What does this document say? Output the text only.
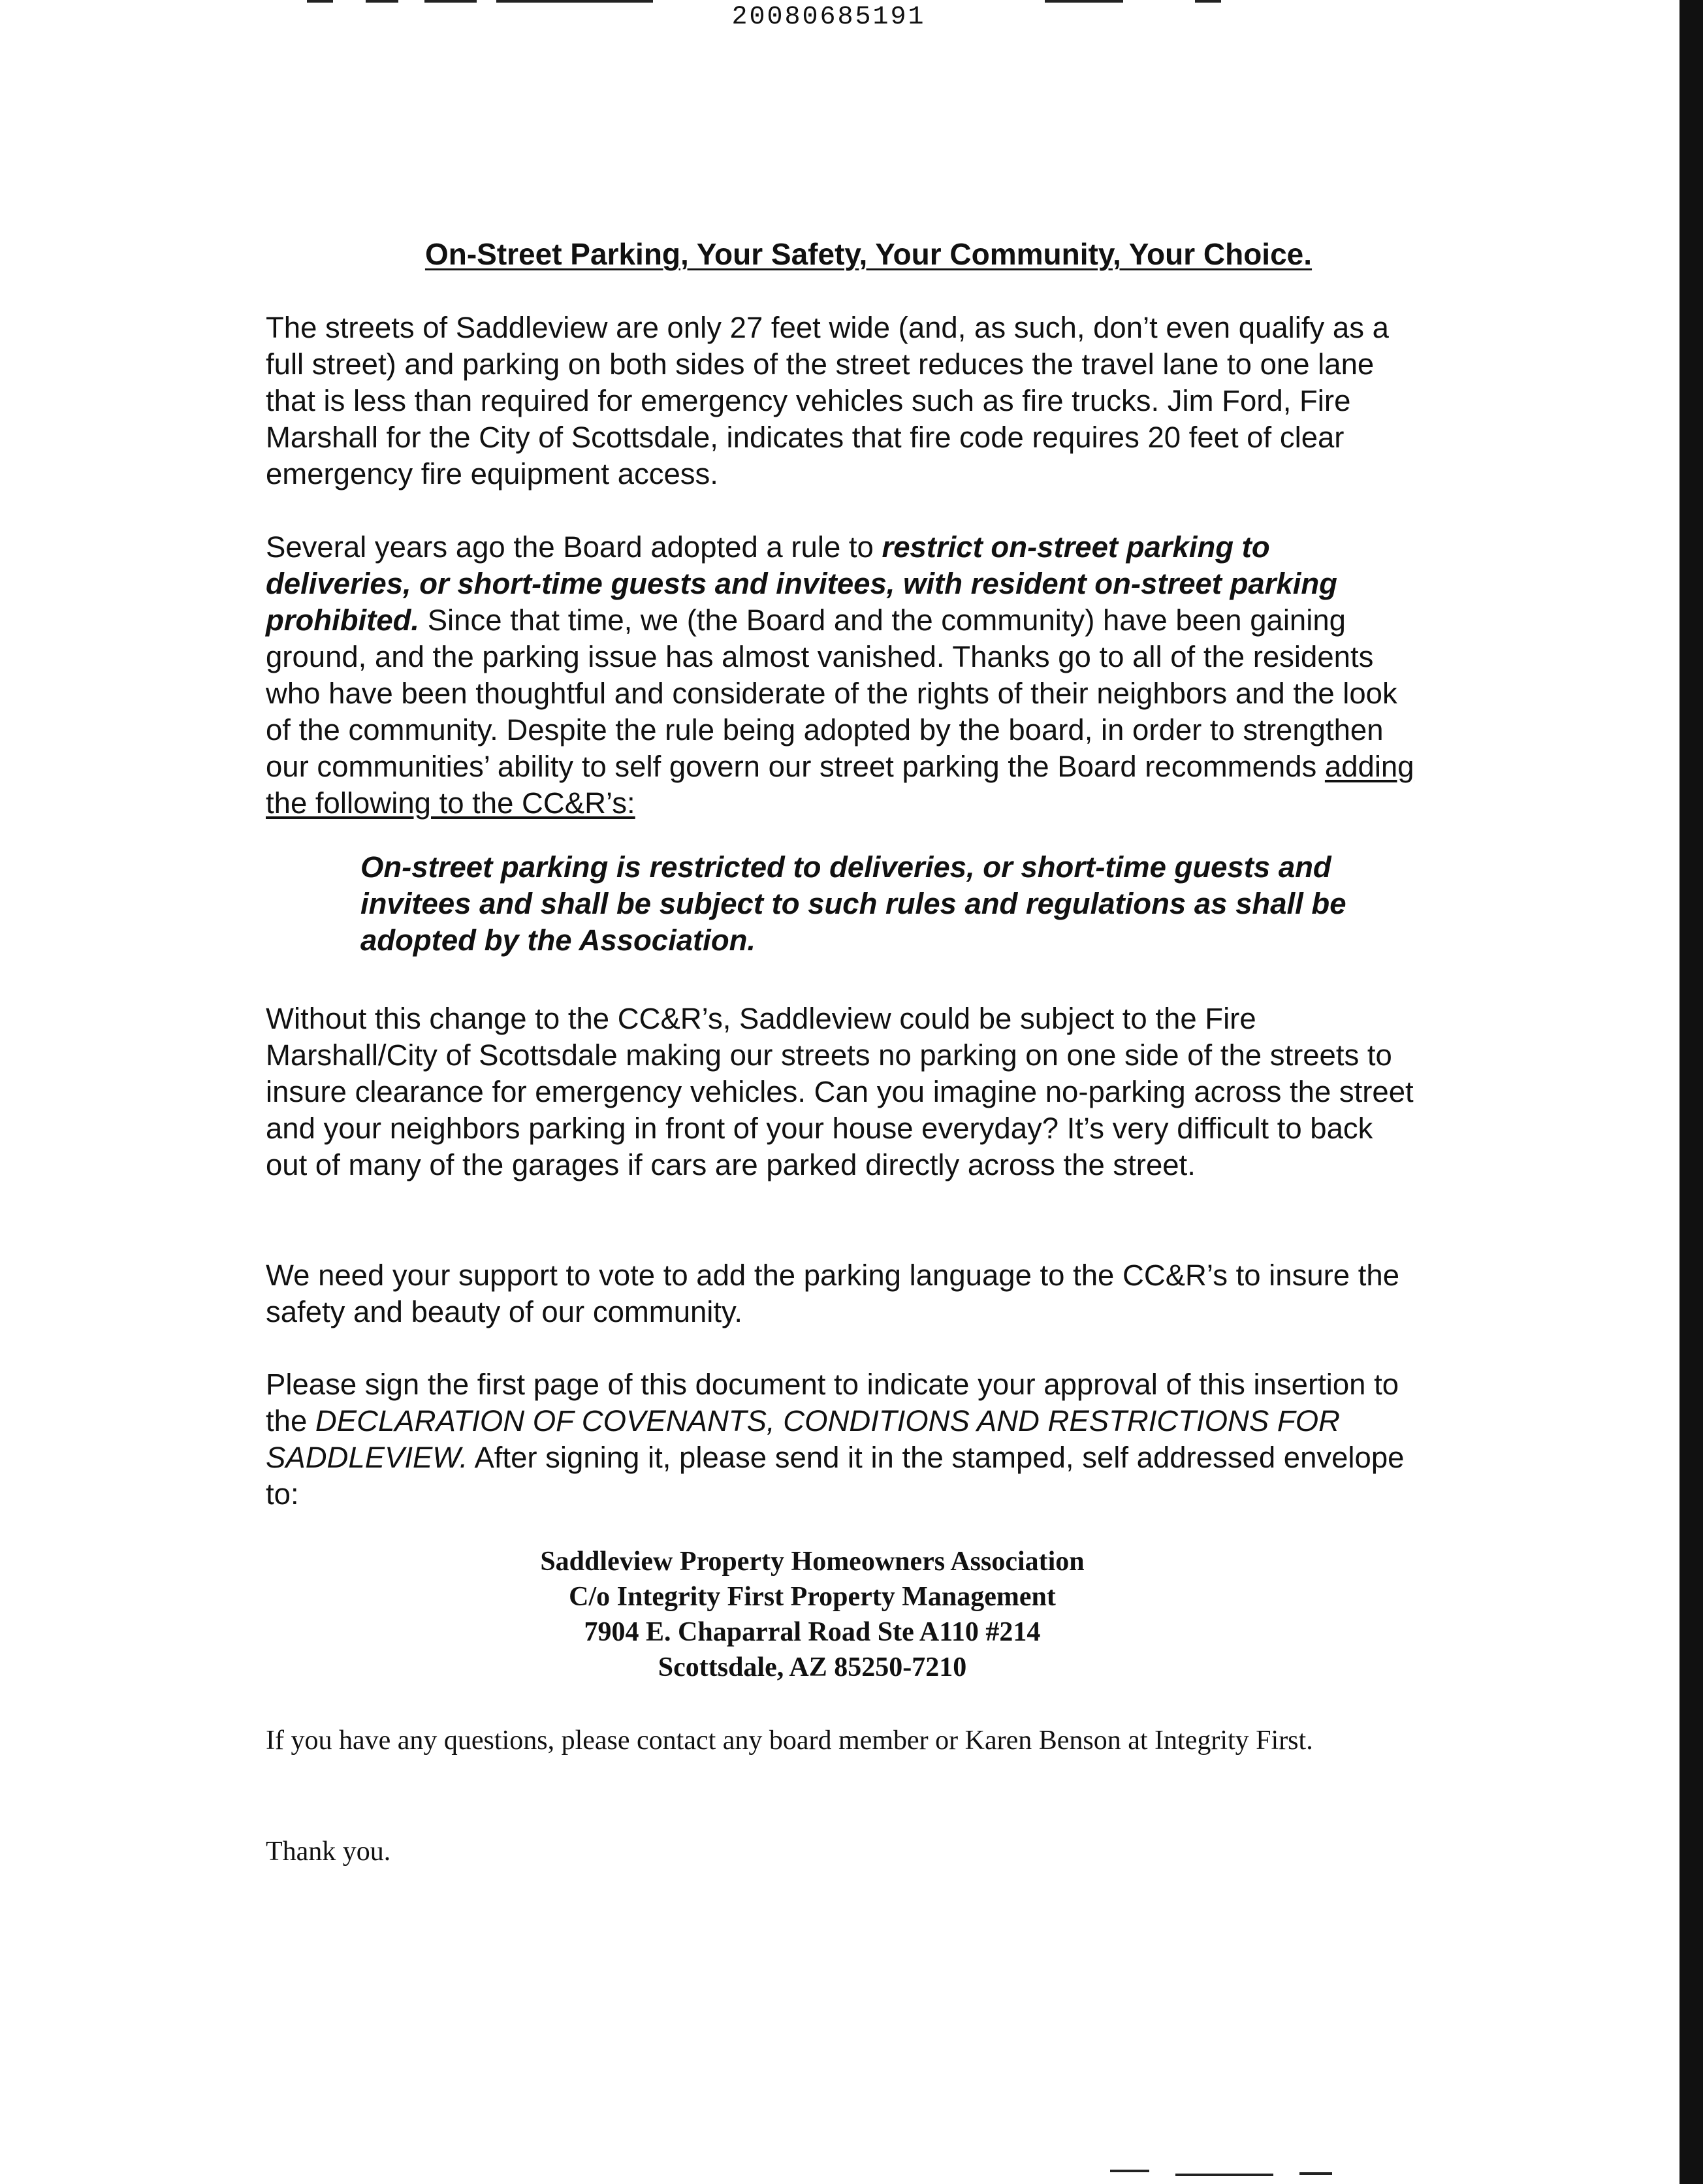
20080685191
On-Street Parking, Your Safety, Your Community, Your Choice.

The streets of Saddleview are only 27 feet wide (and, as such, don’t even qualify as a full street) and parking on both sides of the street reduces the travel lane to one lane that is less than required for emergency vehicles such as fire trucks. Jim Ford, Fire Marshall for the City of Scottsdale, indicates that fire code requires 20 feet of clear emergency fire equipment access.

Several years ago the Board adopted a rule to restrict on-street parking to deliveries, or short-time guests and invitees, with resident on-street parking prohibited. Since that time, we (the Board and the community) have been gaining ground, and the parking issue has almost vanished. Thanks go to all of the residents who have been thoughtful and considerate of the rights of their neighbors and the look of the community. Despite the rule being adopted by the board, in order to strengthen our communities’ ability to self govern our street parking the Board recommends adding the following to the CC&R’s:

On-street parking is restricted to deliveries, or short-time guests and invitees and shall be subject to such rules and regulations as shall be adopted by the Association.

Without this change to the CC&R’s, Saddleview could be subject to the Fire Marshall/City of Scottsdale making our streets no parking on one side of the streets to insure clearance for emergency vehicles. Can you imagine no-parking across the street and your neighbors parking in front of your house everyday? It’s very difficult to back out of many of the garages if cars are parked directly across the street.

We need your support to vote to add the parking language to the CC&R’s to insure the safety and beauty of our community.

Please sign the first page of this document to indicate your approval of this insertion to the DECLARATION OF COVENANTS, CONDITIONS AND RESTRICTIONS FOR SADDLEVIEW. After signing it, please send it in the stamped, self addressed envelope to:

Saddleview Property Homeowners Association
C/o Integrity First Property Management
7904 E. Chaparral Road Ste A110 #214
Scottsdale, AZ 85250-7210

If you have any questions, please contact any board member or Karen Benson at Integrity First.

Thank you.
